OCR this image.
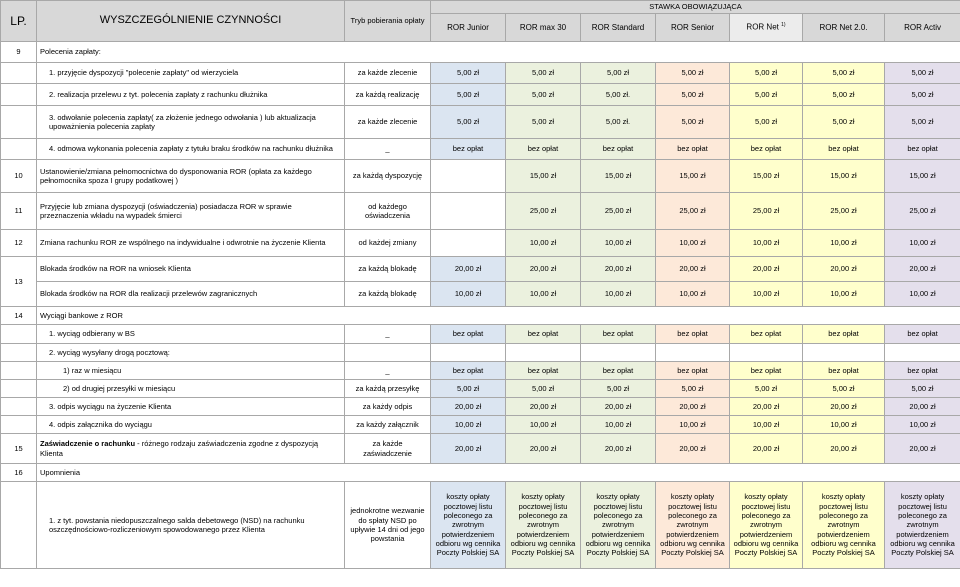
LP.	WYSZCZEGÓLNIENIE CZYNNOŚCI	Tryb pobierania opłaty	STAWKA OBOWIĄZUJĄCA						
			ROR Junior	ROR max 30	ROR Standard	ROR Senior	ROR Net $^{1)}$	ROR Net 2.0.	ROR Activ
9	Polecenia zapłaty:								
	1. przyjęcie dyspozycji "polecenie zapłaty" od wierzyciela	za każde zlecenie	5,00 zł	5,00 zł	5,00 zł	5,00 zł	5,00 zł	5,00 zł	5,00 zł
	2. realizacja przelewu z tyt. polecenia zapłaty z rachunku dłużnika	za każdą realizację	5,00 zł	5,00 zł	5,00 zł.	5,00 zł	5,00 zł	5,00 zł	5,00 zł
	3. odwołanie polecenia zapłaty( za złożenie jednego odwołania ) lub aktualizacja upoważnienia polecenia zapłaty	za każde zlecenie	5,00 zł	5,00 zł	5,00 zł.	5,00 zł	5,00 zł	5,00 zł	5,00 zł
	4. odmowa wykonania polecenia zapłaty z tytułu braku środków na rachunku dłużnika	_	bez opłat	bez opłat	bez opłat	bez opłat	bez opłat	bez opłat	bez opłat
10	Ustanowienie/zmiana pełnomocnictwa do dysponowania ROR (opłata za każdego pełnomocnika spoza I grupy podatkowej )	za każdą dyspozycję		15,00 zł	15,00 zł	15,00 zł	15,00 zł	15,00 zł	15,00 zł
11	Przyjęcie lub zmiana dyspozycji (oświadczenia) posiadacza ROR w sprawie przeznaczenia wkładu na wypadek śmierci	od każdego oświadczenia		25,00 zł	25,00 zł	25,00 zł	25,00 zł	25,00 zł	25,00 zł
12	Zmiana rachunku ROR ze wspólnego na indywidualne i odwrotnie na życzenie Klienta	od każdej zmiany		10,00 zł	10,00 zł	10,00 zł	10,00 zł	10,00 zł	10,00 zł
13	Blokada środków na ROR na wniosek Klienta	za każdą blokadę	20,00 zł	20,00 zł	20,00 zł	20,00 zł	20,00 zł	20,00 zł	20,00 zł
	Blokada środków na ROR dla realizacji przelewów zagranicznych	za każdą blokadę	10,00 zł	10,00 zł	10,00 zł	10,00 zł	10,00 zł	10,00 zł	10,00 zł
14	Wyciągi bankowe z ROR								
	1. wyciąg odbierany w BS	_	bez opłat	bez opłat	bez opłat	bez opłat	bez opłat	bez opłat	bez opłat
	2. wyciąg wysyłany drogą pocztową:								
	1) raz w miesiącu	_	bez opłat	bez opłat	bez opłat	bez opłat	bez opłat	bez opłat	bez opłat
	2) od drugiej przesyłki w miesiącu	za każdą przesyłkę	5,00 zł	5,00 zł	5,00 zł	5,00 zł	5,00 zł	5,00 zł	5,00 zł
	3. odpis wyciągu na życzenie Klienta	za każdy odpis	20,00 zł	20,00 zł	20,00 zł	20,00 zł	20,00 zł	20,00 zł	20,00 zł
	4. odpis załącznika do wyciągu	za każdy załącznik	10,00 zł	10,00 zł	10,00 zł	10,00 zł	10,00 zł	10,00 zł	10,00 zł
15	Zaświadczenie o rachunku - różnego rodzaju zaświadczenia zgodne z dyspozycją Klienta	za każde zaświadczenie	20,00 zł	20,00 zł	20,00 zł	20,00 zł	20,00 zł	20,00 zł	20,00 zł
16	Upomnienia								
	1. z tyt. powstania niedopuszczalnego salda debetowego (NSD) na rachunku oszczędnościowo-rozliczeniowym spowodowanego przez Klienta	jednokrotne wezwanie do spłaty NSD po upływie 14 dni od jego powstania	koszty opłaty pocztowej listu poleconego za zwrotnym potwierdzeniem odbioru wg cennika Poczty Polskiej SA	koszty opłaty pocztowej listu poleconego za zwrotnym potwierdzeniem odbioru wg cennika Poczty Polskiej SA	koszty opłaty pocztowej listu poleconego za zwrotnym potwierdzeniem odbioru wg cennika Poczty Polskiej SA	koszty opłaty pocztowej listu poleconego za zwrotnym potwierdzeniem odbioru wg cennika Poczty Polskiej SA	koszty opłaty pocztowej listu poleconego za zwrotnym potwierdzeniem odbioru wg cennika Poczty Polskiej SA	koszty opłaty pocztowej listu poleconego za zwrotnym potwierdzeniem odbioru wg cennika Poczty Polskiej SA	koszty opłaty pocztowej listu poleconego za zwrotnym potwierdzeniem odbioru wg cennika Poczty Polskiej SA
